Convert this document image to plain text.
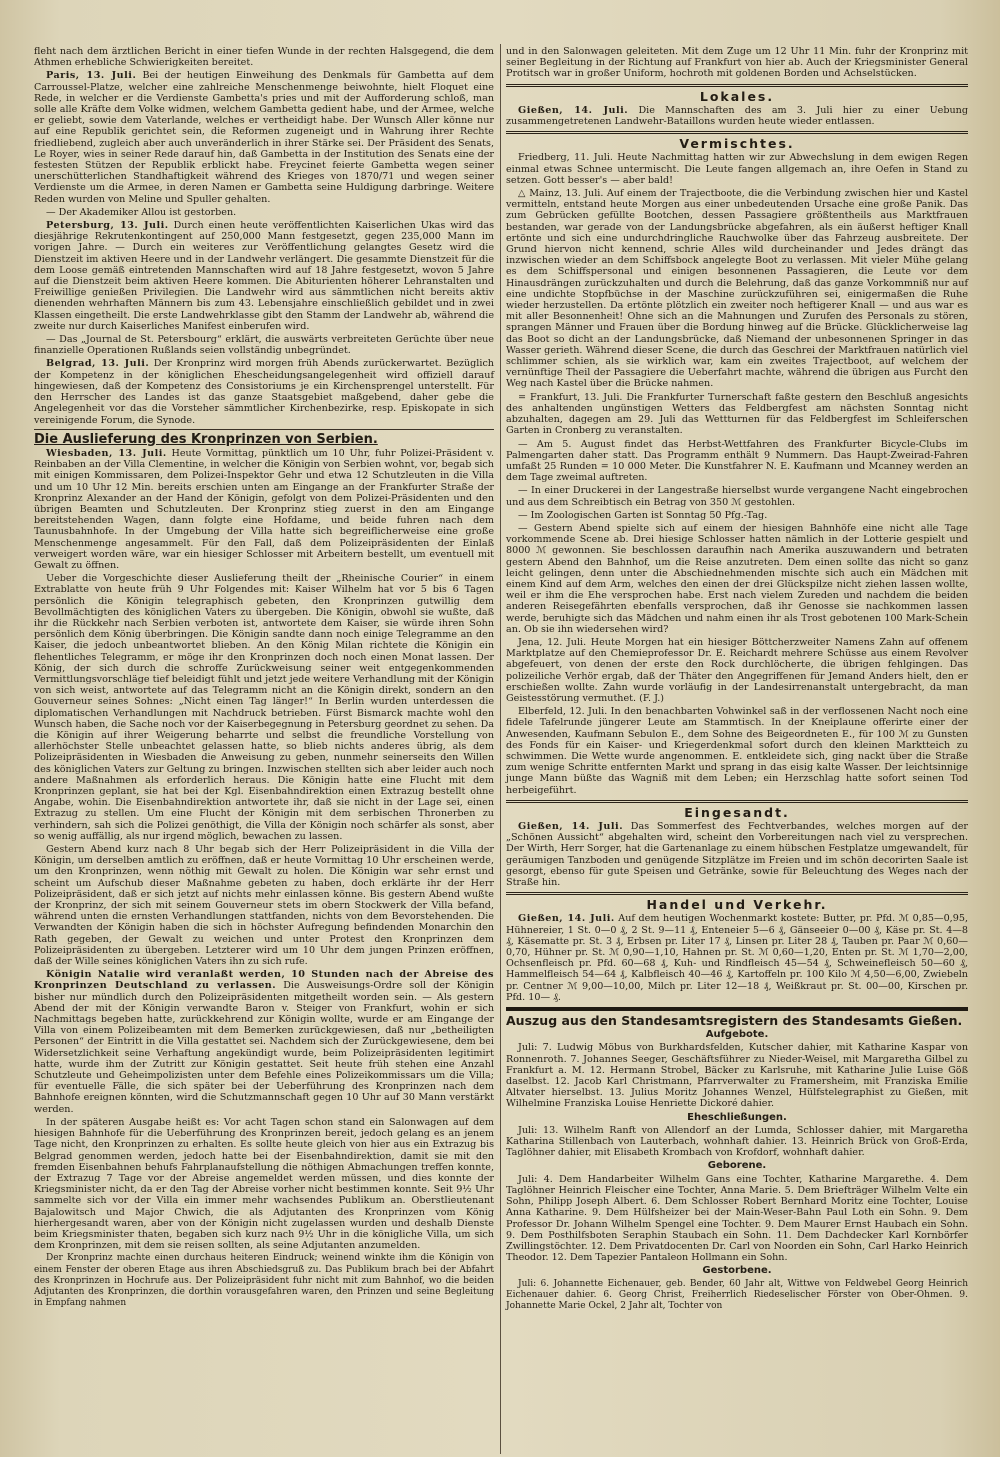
fleht nach dem ärztlichen Bericht in einer tiefen Wunde in der rechten Halsgegend, die dem Athmen erhebliche Schwierigkeiten bereitet.

Paris, 13. Juli. Bei der heutigen Einweihung des Denkmals für Gambetta auf dem Carroussel-Platze, welcher eine zahlreiche Menschenmenge beiwohnte, hielt Floquet eine Rede, in welcher er die Verdienste Gambetta's pries und mit der Aufforderung schloß, man solle alle Kräfte dem Volke widmen, welchem Gambetta gedient habe, und der Armee, welche er geliebt, sowie dem Vaterlande, welches er vertheidigt habe. Der Wunsch Aller könne nur auf eine Republik gerichtet sein, die Reformen zugeneigt und in Wahrung ihrer Rechte friedliebend, zugleich aber auch unveränderlich in ihrer Stärke sei. Der Präsident des Senats, Le Royer, wies in seiner Rede darauf hin, daß Gambetta in der Institution des Senats eine der festesten Stützen der Republik erblickt habe. Freycinet feierte Gambetta wegen seiner unerschütterlichen Standhaftigkeit während des Krieges von 1870/71 und wegen seiner Verdienste um die Armee, in deren Namen er Gambetta seine Huldigung darbringe. Weitere Reden wurden von Meline und Spuller gehalten.

— Der Akademiker Allou ist gestorben.

Petersburg, 13. Juli. Durch einen heute veröffentlichten Kaiserlichen Ukas wird das diesjährige Rekrutenkontingent auf 250,000 Mann festgesetzt, gegen 235,000 Mann im vorigen Jahre. — Durch ein weiteres zur Veröffentlichung gelangtes Gesetz wird die Dienstzeit im aktiven Heere und in der Landwehr verlängert. Die gesammte Dienstzeit für die dem Loose gemäß eintretenden Mannschaften wird auf 18 Jahre festgesetzt, wovon 5 Jahre auf die Dienstzeit beim aktiven Heere kommen. Die Abiturienten höherer Lehranstalten und Freiwillige genießen Privilegien. Die Landwehr wird aus sämmtlichen nicht bereits aktiv dienenden wehrhaften Männern bis zum 43. Lebensjahre einschließlich gebildet und in zwei Klassen eingetheilt. Die erste Landwehrklasse gibt den Stamm der Landwehr ab, während die zweite nur durch Kaiserliches Manifest einberufen wird.

— Das „Journal de St. Petersbourg“ erklärt, die auswärts verbreiteten Gerüchte über neue finanzielle Operationen Rußlands seien vollständig unbegründet.

Belgrad, 13. Juli. Der Kronprinz wird morgen früh Abends zurückerwartet. Bezüglich der Kompetenz in der königlichen Ehescheidungsangelegenheit wird offiziell darauf hingewiesen, daß der Kompetenz des Consistoriums je ein Kirchensprengel unterstellt. Für den Herrscher des Landes ist das ganze Staatsgebiet maßgebend, daher gebe die Angelegenheit vor das die Vorsteher sämmtlicher Kirchenbezirke, resp. Episkopate in sich vereinigende Forum, die Synode.

Die Auslieferung des Kronprinzen von Serbien.

Wiesbaden, 13. Juli. Heute Vormittag, pünktlich um 10 Uhr, fuhr Polizei-Präsident v. Reinbaben an der Villa Clementine, in welcher die Königin von Serbien wohnt, vor, begab sich mit einigen Kommissaren, dem Polizei-Inspektor Gehr und etwa 12 Schutzleuten in die Villa und um 10 Uhr 12 Min. bereits erschien unten am Eingange an der Frankfurter Straße der Kronprinz Alexander an der Hand der Königin, gefolgt von dem Polizei-Präsidenten und den übrigen Beamten und Schutzleuten. Der Kronprinz stieg zuerst in den am Eingange bereitstehenden Wagen, dann folgte eine Hofdame, und beide fuhren nach dem Taunusbahnhofe. In der Umgebung der Villa hatte sich begreiflicherweise eine große Menschenmenge angesammelt. Für den Fall, daß dem Polizeipräsidenten der Einlaß verweigert worden wäre, war ein hiesiger Schlosser mit Arbeitern bestellt, um eventuell mit Gewalt zu öffnen.

Ueber die Vorgeschichte dieser Auslieferung theilt der „Rheinische Courier“ in einem Extrablatte von heute früh 9 Uhr Folgendes mit: Kaiser Wilhelm hat vor 5 bis 6 Tagen persönlich die Königin telegraphisch gebeten, den Kronprinzen gutwillig dem Bevollmächtigten des königlichen Vaters zu übergeben. Die Königin, obwohl sie wußte, daß ihr die Rückkehr nach Serbien verboten ist, antwortete dem Kaiser, sie würde ihren Sohn persönlich dem König überbringen. Die Königin sandte dann noch einige Telegramme an den Kaiser, die jedoch unbeantwortet blieben. An den König Milan richtete die Königin ein flehentliches Telegramm, er möge ihr den Kronprinzen doch noch einen Monat lassen. Der König, der sich durch die schroffe Zurückweisung seiner weit entgegenkommenden Vermittlungsvorschläge tief beleidigt fühlt und jetzt jede weitere Verhandlung mit der Königin von sich weist, antwortete auf das Telegramm nicht an die Königin direkt, sondern an den Gouverneur seines Sohnes: „Nicht einen Tag länger!“ In Berlin wurden unterdessen die diplomatischen Verhandlungen mit Nachdruck betrieben. Fürst Bismarck machte wohl den Wunsch haben, die Sache noch vor der Kaiserbegegnung in Petersburg geordnet zu sehen. Da die Königin auf ihrer Weigerung beharrte und selbst die freundliche Vorstellung von allerhöchster Stelle unbeachtet gelassen hatte, so blieb nichts anderes übrig, als dem Polizeipräsidenten in Wiesbaden die Anweisung zu geben, nunmehr seinerseits den Willen des königlichen Vaters zur Geltung zu bringen. Inzwischen stellten sich aber leider auch noch andere Maßnahmen als erforderlich heraus. Die Königin hatte eine Flucht mit dem Kronprinzen geplant, sie hat bei der Kgl. Eisenbahndirektion einen Extrazug bestellt ohne Angabe, wohin. Die Eisenbahndirektion antwortete ihr, daß sie nicht in der Lage sei, einen Extrazug zu stellen. Um eine Flucht der Königin mit dem serbischen Thronerben zu verhindern, sah sich die Polizei genöthigt, die Villa der Königin noch schärfer als sonst, aber so wenig auffällig, als nur irgend möglich, bewachen zu lassen.

Gestern Abend kurz nach 8 Uhr begab sich der Herr Polizeipräsident in die Villa der Königin, um derselben amtlich zu eröffnen, daß er heute Vormittag 10 Uhr erscheinen werde, um den Kronprinzen, wenn nöthig mit Gewalt zu holen. Die Königin war sehr ernst und scheint um Aufschub dieser Maßnahme gebeten zu haben, doch erklärte ihr der Herr Polizeipräsident, daß er sich jetzt auf nichts mehr einlassen könne. Bis gestern Abend wußte der Kronprinz, der sich mit seinem Gouverneur stets im obern Stockwerk der Villa befand, während unten die ernsten Verhandlungen stattfanden, nichts von dem Bevorstehenden. Die Verwandten der Königin haben die sich in höchster Aufregung befindenden Monarchin den Rath gegeben, der Gewalt zu weichen und unter Protest den Kronprinzen dem Polizeipräsidenten zu übergeben. Letzterer wird um 10 Uhr dem jungen Prinzen eröffnen, daß der Wille seines königlichen Vaters ihn zu sich rufe.

Königin Natalie wird veranlaßt werden, 10 Stunden nach der Abreise des Kronprinzen Deutschland zu verlassen. Die Ausweisungs-Ordre soll der Königin bisher nur mündlich durch den Polizeipräsidenten mitgetheilt worden sein. — Als gestern Abend der mit der Königin verwandte Baron v. Steiger von Frankfurt, wohin er sich Nachmittags begeben hatte, zurückkehrend zur Königin wollte, wurde er am Eingange der Villa von einem Polizeibeamten mit dem Bemerken zurückgewiesen, daß nur „betheiligten Personen“ der Eintritt in die Villa gestattet sei. Nachdem sich der Zurückgewiesene, dem bei Widersetzlichkeit seine Verhaftung angekündigt wurde, beim Polizeipräsidenten legitimirt hatte, wurde ihm der Zutritt zur Königin gestattet. Seit heute früh stehen eine Anzahl Schutzleute und Geheimpolizisten unter dem Befehle eines Polizeikommissars um die Villa; für eventuelle Fälle, die sich später bei der Ueberführung des Kronprinzen nach dem Bahnhofe ereignen könnten, wird die Schutzmannschaft gegen 10 Uhr auf 30 Mann verstärkt werden.

In der späteren Ausgabe heißt es: Vor acht Tagen schon stand ein Salonwagen auf dem hiesigen Bahnhofe für die Ueberführung des Kronprinzen bereit, jedoch gelang es an jenem Tage nicht, den Kronprinzen zu erhalten. Es sollte heute gleich von hier aus ein Extrazug bis Belgrad genommen werden, jedoch hatte bei der Eisenbahndirektion, damit sie mit den fremden Eisenbahnen behufs Fahrplanaufstellung die nöthigen Abmachungen treffen konnte, der Extrazug 7 Tage vor der Abreise angemeldet werden müssen, und dies konnte der Kriegsminister nicht, da er den Tag der Abreise vorher nicht bestimmen konnte. Seit 9½ Uhr sammelte sich vor der Villa ein immer mehr wachsendes Publikum an. Oberstlieutenant Bajalowitsch und Major Chwich, die als Adjutanten des Kronprinzen vom König hierhergesandt waren, aber von der Königin nicht zugelassen wurden und deshalb Dienste beim Kriegsminister thaten, begaben sich kurz nach 9½ Uhr in die königliche Villa, um sich dem Kronprinzen, mit dem sie reisen sollten, als seine Adjutanten anzumelden.

Der Kronprinz machte einen durchaus heiteren Eindruck; weinend winkte ihm die Königin von einem Fenster der oberen Etage aus ihren Abschiedsgruß zu. Das Publikum brach bei der Abfahrt des Kronprinzen in Hochrufe aus. Der Polizeipräsident fuhr nicht mit zum Bahnhof, wo die beiden Adjutanten des Kronprinzen, die dorthin vorausgefahren waren, den Prinzen und seine Begleitung in Empfang nahmen

und in den Salonwagen geleiteten. Mit dem Zuge um 12 Uhr 11 Min. fuhr der Kronprinz mit seiner Begleitung in der Richtung auf Frankfurt von hier ab. Auch der Kriegsminister General Protitsch war in großer Uniform, hochroth mit goldenen Borden und Achselstücken.

Lokales.

Gießen, 14. Juli. Die Mannschaften des am 3. Juli hier zu einer Uebung zusammengetretenen Landwehr-Bataillons wurden heute wieder entlassen.

Vermischtes.

Friedberg, 11. Juli. Heute Nachmittag hatten wir zur Abwechslung in dem ewigen Regen einmal etwas Schnee untermischt. Die Leute fangen allgemach an, ihre Oefen in Stand zu setzen. Gott besser's — aber bald!

△ Mainz, 13. Juli. Auf einem der Trajectboote, die die Verbindung zwischen hier und Kastel vermitteln, entstand heute Morgen aus einer unbedeutenden Ursache eine große Panik. Das zum Gebrücken gefüllte Bootchen, dessen Passagiere größtentheils aus Marktfrauen bestanden, war gerade von der Landungsbrücke abgefahren, als ein äußerst heftiger Knall ertönte und sich eine undurchdringliche Rauchwolke über das Fahrzeug ausbreitete. Der Grund hiervon nicht kennend, schrie Alles wild durcheinander und Jedes drängt das inzwischen wieder an dem Schiffsbock angelegte Boot zu verlassen. Mit vieler Mühe gelang es dem Schiffspersonal und einigen besonnenen Passagieren, die Leute vor dem Hinausdrängen zurückzuhalten und durch die Belehrung, daß das ganze Vorkommniß nur auf eine undichte Stopfbüchse in der Maschine zurückzuführen sei, einigermaßen die Ruhe wieder herzustellen. Da ertönte plötzlich ein zweiter noch heftigerer Knall — und aus war es mit aller Besonnenheit! Ohne sich an die Mahnungen und Zurufen des Personals zu stören, sprangen Männer und Frauen über die Bordung hinweg auf die Brücke. Glücklicherweise lag das Boot so dicht an der Landungsbrücke, daß Niemand der unbesonnenen Springer in das Wasser gerieth. Während dieser Scene, die durch das Geschrei der Marktfrauen natürlich viel schlimmer schien, als sie wirklich war, kam ein zweites Trajectboot, auf welchem der vernünftige Theil der Passagiere die Ueberfahrt machte, während die übrigen aus Furcht den Weg nach Kastel über die Brücke nahmen.

= Frankfurt, 13. Juli. Die Frankfurter Turnerschaft faßte gestern den Beschluß angesichts des anhaltenden ungünstigen Wetters das Feldbergfest am nächsten Sonntag nicht abzuhalten, dagegen am 29. Juli das Wettturnen für das Feldbergfest im Schleiferschen Garten in Cronberg zu veranstalten.

— Am 5. August findet das Herbst-Wettfahren des Frankfurter Bicycle-Clubs im Palmengarten daher statt. Das Programm enthält 9 Nummern. Das Haupt-Zweirad-Fahren umfaßt 25 Runden = 10 000 Meter. Die Kunstfahrer N. E. Kaufmann und Mcanney werden an dem Tage zweimal auftreten.

— In einer Druckerei in der Langestraße hierselbst wurde vergangene Nacht eingebrochen und aus dem Schreibtisch ein Betrag von 350 ℳ gestohlen.

— Im Zoologischen Garten ist Sonntag 50 Pfg.-Tag.

— Gestern Abend spielte sich auf einem der hiesigen Bahnhöfe eine nicht alle Tage vorkommende Scene ab. Drei hiesige Schlosser hatten nämlich in der Lotterie gespielt und 8000 ℳ gewonnen. Sie beschlossen daraufhin nach Amerika auszuwandern und betraten gestern Abend den Bahnhof, um die Reise anzutreten. Dem einen sollte das nicht so ganz leicht gelingen, denn unter die Abschiednehmenden mischte sich auch ein Mädchen mit einem Kind auf dem Arm, welches den einen der drei Glückspilze nicht ziehen lassen wollte, weil er ihm die Ehe versprochen habe. Erst nach vielem Zureden und nachdem die beiden anderen Reisegefährten ebenfalls versprochen, daß ihr Genosse sie nachkommen lassen werde, beruhigte sich das Mädchen und nahm einen ihr als Trost gebotenen 100 Mark-Schein an. Ob sie ihn wiedersehen wird?

Jena, 12. Juli. Heute Morgen hat ein hiesiger Böttcherzweiter Namens Zahn auf offenem Marktplatze auf den Chemieprofessor Dr. E. Reichardt mehrere Schüsse aus einem Revolver abgefeuert, von denen der erste den Rock durchlöcherte, die übrigen fehlgingen. Das polizeiliche Verhör ergab, daß der Thäter den Angegriffenen für Jemand Anders hielt, den er erschießen wollte. Zahn wurde vorläufig in der Landesirrenanstalt untergebracht, da man Geistesstörung vermuthet. (F. J.)

Elberfeld, 12. Juli. In den benachbarten Vohwinkel saß in der verflossenen Nacht noch eine fidele Tafelrunde jüngerer Leute am Stammtisch. In der Kneiplaune offerirte einer der Anwesenden, Kaufmann Sebulon E., dem Sohne des Beigeordneten E., für 100 ℳ zu Gunsten des Fonds für ein Kaiser- und Kriegerdenkmal sofort durch den kleinen Marktteich zu schwimmen. Die Wette wurde angenommen. E. entkleidete sich, ging nackt über die Straße zum wenige Schritte entfernten Markt und sprang in das eisig kalte Wasser. Der leichtsinnige junge Mann büßte das Wagniß mit dem Leben; ein Herzschlag hatte sofort seinen Tod herbeigeführt.

Eingesandt.

Gießen, 14. Juli. Das Sommerfest des Fechtverbandes, welches morgen auf der „Schönen Aussicht“ abgehalten wird, scheint den Vorbereitungen nach viel zu versprechen. Der Wirth, Herr Sorger, hat die Gartenanlage zu einem hübschen Festplatze umgewandelt, für geräumigen Tanzboden und genügende Sitzplätze im Freien und im schön decorirten Saale ist gesorgt, ebenso für gute Speisen und Getränke, sowie für Beleuchtung des Weges nach der Straße hin.

Handel und Verkehr.

Gießen, 14. Juli. Auf dem heutigen Wochenmarkt kostete: Butter, pr. Pfd. ℳ 0,85—0,95, Hühnereier, 1 St. 0—0 ₰, 2 St. 9—11 ₰, Enteneier 5—6 ₰, Gänseeier 0—00 ₰, Käse pr. St. 4—8 ₰, Käsematte pr. St. 3 ₰, Erbsen pr. Liter 17 ₰, Linsen pr. Liter 28 ₰, Tauben pr. Paar ℳ 0,60—0,70, Hühner pr. St. ℳ 0,90—1,10, Hahnen pr. St. ℳ 0,60—1,20, Enten pr. St. ℳ 1,70—2,00, Ochsenfleisch pr. Pfd. 60—68 ₰, Kuh- und Rindfleisch 45—54 ₰, Schweinefleisch 50—60 ₰, Hammelfleisch 54—64 ₰, Kalbfleisch 40—46 ₰, Kartoffeln pr. 100 Kilo ℳ 4,50—6,00, Zwiebeln pr. Centner ℳ 9,00—10,00, Milch pr. Liter 12—18 ₰, Weißkraut pr. St. 00—00, Kirschen pr. Pfd. 10— ₰.

Auszug aus den Standesamtsregistern des Standesamts Gießen.
Aufgebote.

Juli: 7. Ludwig Möbus von Burkhardsfelden, Kutscher dahier, mit Katharine Kaspar von Ronnenroth. 7. Johannes Seeger, Geschäftsführer zu Nieder-Weisel, mit Margaretha Gilbel zu Frankfurt a. M. 12. Hermann Strobel, Bäcker zu Karlsruhe, mit Katharine Julie Luise Göß daselbst. 12. Jacob Karl Christmann, Pfarrverwalter zu Framersheim, mit Franziska Emilie Altvater hierselbst. 13. Julius Moritz Johannes Wenzel, Hülfstelegraphist zu Gießen, mit Wilhelmine Franziska Louise Henriette Dickoré dahier.

Eheschließungen.

Juli: 13. Wilhelm Ranft von Allendorf an der Lumda, Schlosser dahier, mit Margaretha Katharina Stillenbach von Lauterbach, wohnhaft dahier. 13. Heinrich Brück von Groß-Erda, Taglöhner dahier, mit Elisabeth Krombach von Krofdorf, wohnhaft dahier.

Geborene.

Juli: 4. Dem Handarbeiter Wilhelm Gans eine Tochter, Katharine Margarethe. 4. Dem Taglöhner Heinrich Fleischer eine Tochter, Anna Marie. 5. Dem Briefträger Wilhelm Velte ein Sohn, Philipp Joseph Albert. 6. Dem Schlosser Robert Bernhard Moritz eine Tochter, Louise Anna Katharine. 9. Dem Hülfsheizer bei der Main-Weser-Bahn Paul Loth ein Sohn. 9. Dem Professor Dr. Johann Wilhelm Spengel eine Tochter. 9. Dem Maurer Ernst Haubach ein Sohn. 9. Dem Posthilfsboten Seraphin Staubach ein Sohn. 11. Dem Dachdecker Karl Kornbörfer Zwillingstöchter. 12. Dem Privatdocenten Dr. Carl von Noorden ein Sohn, Carl Harko Heinrich Theodor. 12. Dem Tapezier Pantaleon Hollmann ein Sohn.

Gestorbene.

Juli: 6. Johannette Eichenauer, geb. Bender, 60 Jahr alt, Wittwe von Feldwebel Georg Heinrich Eichenauer dahier. 6. Georg Christ, Freiherrlich Riedeselischer Förster von Ober-Ohmen. 9. Johannette Marie Ockel, 2 Jahr alt, Tochter von
